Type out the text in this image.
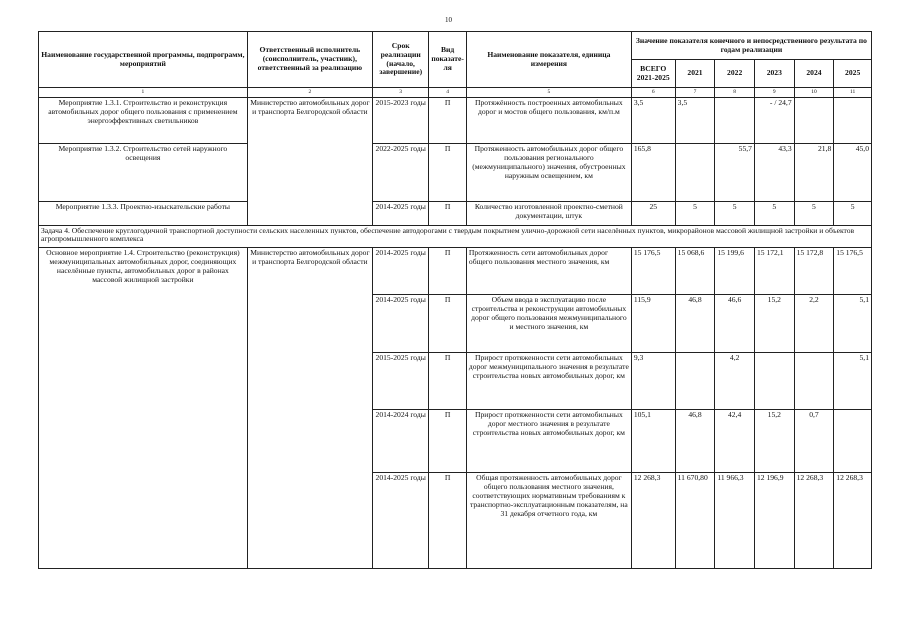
10
Наименование государственной программы, подпрограмм, мероприятий	Ответственный исполнитель (соисполнитель, участник), ответственный за реализацию	Срок реализации (начало, завершение)	Вид показате-ля	Наименование показателя, единица измерения	Значение показателя конечного и непосредственного результата по годам реализации					
					ВСЕГО 2021-2025	2021	2022	2023	2024	2025
1	2	3	4	5	6	7	8	9	10	11
Мероприятие 1.3.1. Строительство и реконструкция автомобильных дорог общего пользования с применением энергоэффективных светильников	Министерство автомобильных дорог и транспорта Белгородской области	2015-2023 годы	П	Протяжённость построенных автомобильных дорог и мостов общего пользования, км/п.м	3,5	3,5		- / 24,7		
Мероприятие 1.3.2. Строительство сетей наружного освещения		2022-2025 годы	П	Протяженность автомобильных дорог общего пользования регионального (межмуниципального) значения, обустроенных наружным освещением, км	165,8		55,7	43,3	21,8	45,0
Мероприятие 1.3.3. Проектно-изыскательские работы		2014-2025 годы	П	Количество изготовленной проектно-сметной документации, штук	25	5	5	5	5	5
Задача 4. Обеспечение круглогодичной транспортной доступности сельских населенных пунктов, обеспечение автодорогами с твердым покрытием улично-дорожной сети населённых пунктов, микрорайонов массовой жилищной застройки и объектов агропромышленного комплекса										
Основное мероприятие 1.4. Строительство (реконструкция) межмуниципальных автомобильных дорог, соединяющих населённые пункты, автомобильных дорог в районах массовой жилищной застройки	Министерство автомобильных дорог и транспорта Белгородской области	2014-2025 годы	П	Протяженность сети автомобильных дорог общего пользования местного значения, км	15 176,5	15 068,6	15 199,6	15 172,1	15 172,8	15 176,5
		2014-2025 годы	П	Объем ввода в эксплуатацию после строительства и реконструкции автомобильных дорог общего пользования межмуниципального и местного значения, км	115,9	46,8	46,6	15,2	2,2	5,1
		2015-2025 годы	П	Прирост протяженности сети автомобильных дорог межмуниципального значения в результате строительства новых автомобильных дорог, км	9,3		4,2			5,1
		2014-2024 годы	П	Прирост протяженности сети автомобильных дорог местного значения в результате строительства новых автомобильных дорог, км	105,1	46,8	42,4	15,2	0,7	
		2014-2025 годы	П	Общая протяженность автомобильных дорог общего пользования местного значения, соответствующих нормативным требованиям к транспортно-эксплуатационным показателям, на 31 декабря отчетного года, км	12 268,3	11 670,80	11 966,3	12 196,9	12 268,3	12 268,3
